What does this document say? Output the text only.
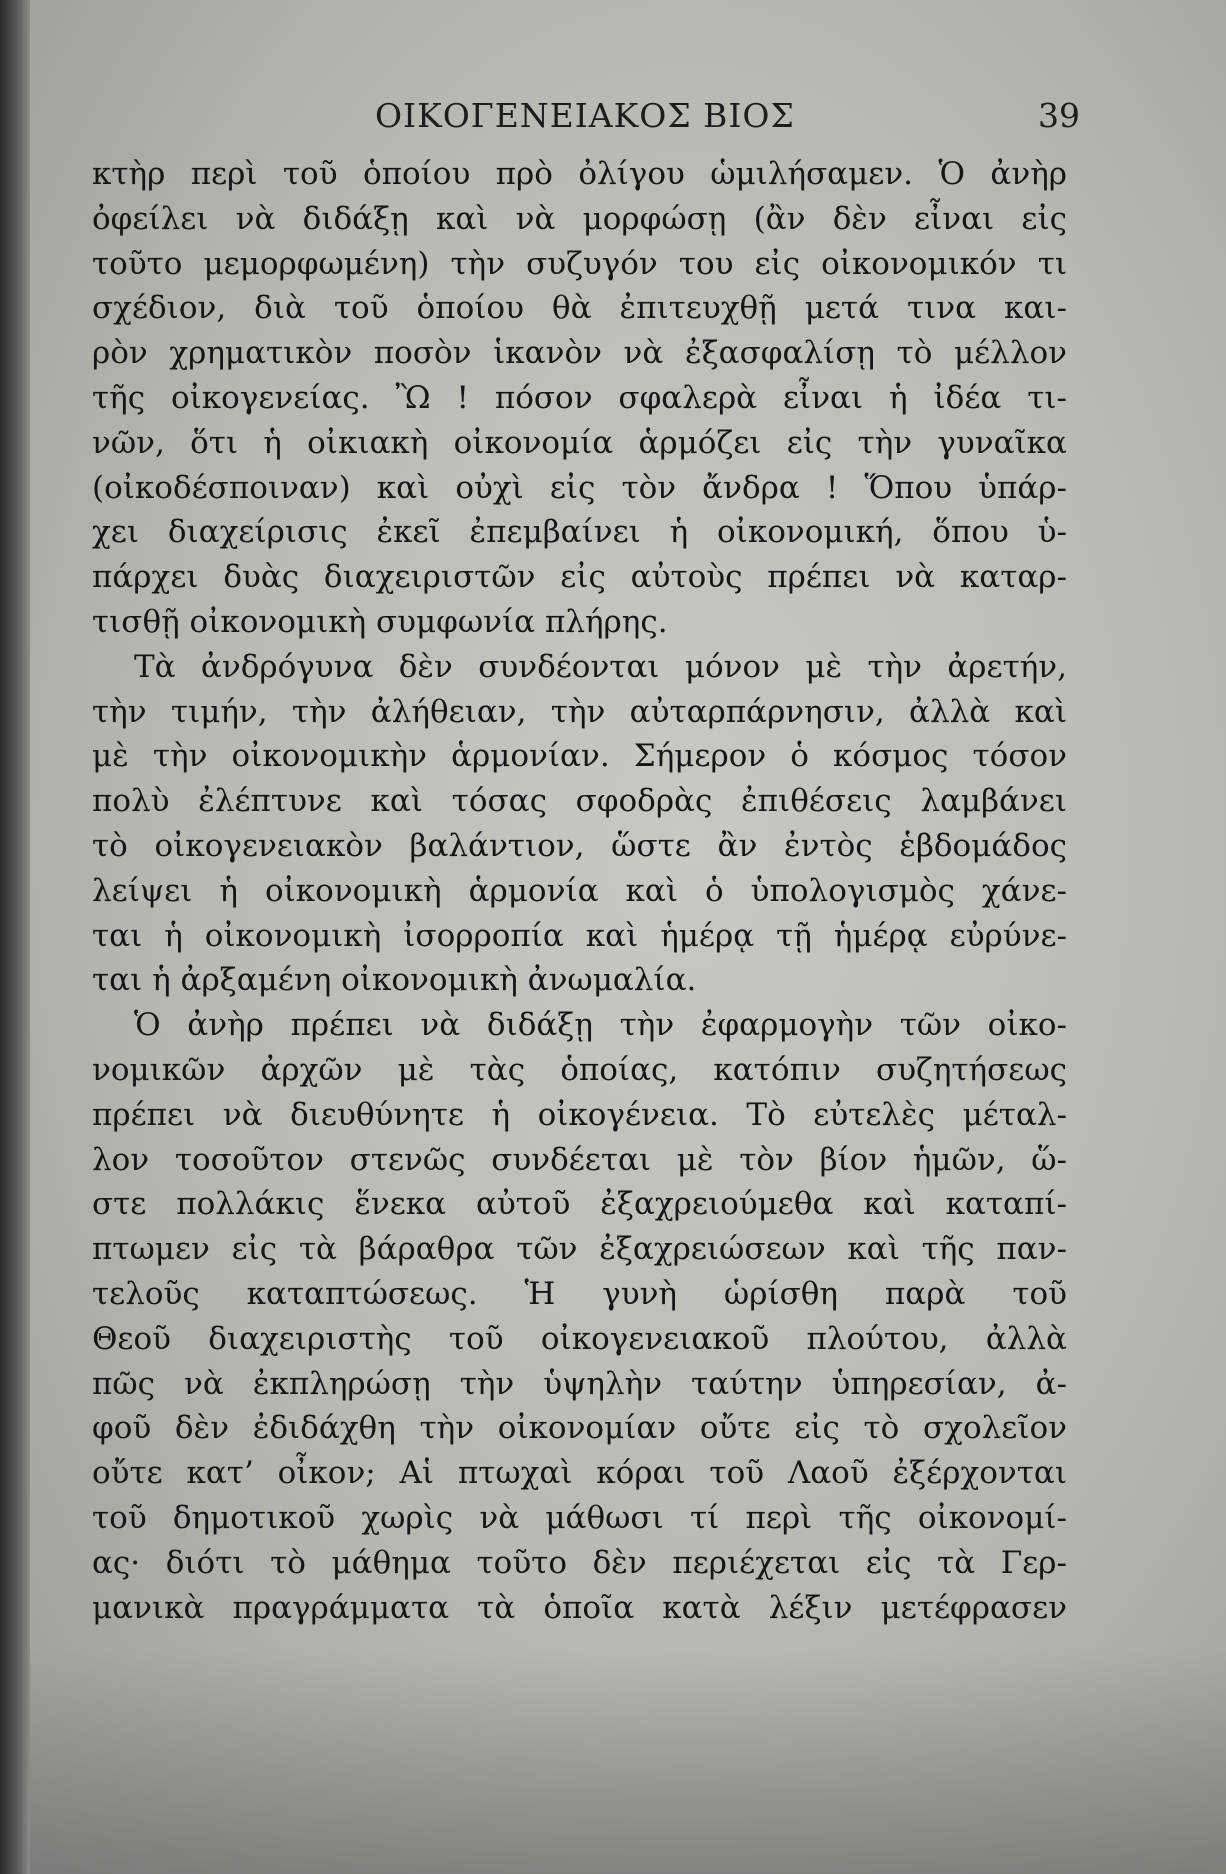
ΟΙΚΟΓΕΝΕΙΑΚΟΣ ΒΙΟΣ	39
κτὴρ περὶ τοῦ ὁποίου πρὸ ὀλίγου ὡμιλήσαμεν. Ὁ ἀνὴρ
ὀφείλει νὰ διδάξῃ καὶ νὰ μορφώσῃ (ἂν δὲν εἶναι εἰς
τοῦτο μεμορφωμένη) τὴν συζυγόν του εἰς οἰκονομικόν τι
σχέδιον, διὰ τοῦ ὁποίου θὰ ἐπιτευχθῇ μετά τινα και-
ρὸν χρηματικὸν ποσὸν ἱκανὸν νὰ ἐξασφαλίσῃ τὸ μέλλον
τῆς οἰκογενείας. Ὢ ! πόσον σφαλερὰ εἶναι ἡ ἰδέα τι-
νῶν, ὅτι ἡ οἰκιακὴ οἰκονομία ἁρμόζει εἰς τὴν γυναῖκα
(οἰκοδέσποιναν) καὶ οὐχὶ εἰς τὸν ἄνδρα ! Ὅπου ὑπάρ-
χει διαχείρισις ἐκεῖ ἐπεμβαίνει ἡ οἰκονομική, ὅπου ὑ-
πάρχει δυὰς διαχειριστῶν εἰς αὐτοὺς πρέπει νὰ καταρ-
τισθῇ οἰκονομικὴ συμφωνία πλήρης.
Τὰ ἀνδρόγυνα δὲν συνδέονται μόνον μὲ τὴν ἀρετήν,
τὴν τιμήν, τὴν ἀλήθειαν, τὴν αὐταρπάρνησιν, ἀλλὰ καὶ
μὲ τὴν οἰκονομικὴν ἁρμονίαν. Σήμερον ὁ κόσμος τόσον
πολὺ ἐλέπτυνε καὶ τόσας σφοδρὰς ἐπιθέσεις λαμβάνει
τὸ οἰκογενειακὸν βαλάντιον, ὥστε ἂν ἐντὸς ἑβδομάδος
λείψει ἡ οἰκονομικὴ ἁρμονία καὶ ὁ ὑπολογισμὸς χάνε-
ται ἡ οἰκονομικὴ ἰσορροπία καὶ ἡμέρᾳ τῇ ἡμέρᾳ εὐρύνε-
ται ἡ ἀρξαμένη οἰκονομικὴ ἀνωμαλία.
Ὁ ἀνὴρ πρέπει νὰ διδάξῃ τὴν ἐφαρμογὴν τῶν οἰκο-
νομικῶν ἀρχῶν μὲ τὰς ὁποίας, κατόπιν συζητήσεως
πρέπει νὰ διευθύνητε ἡ οἰκογένεια. Τὸ εὐτελὲς μέταλ-
λον τοσοῦτον στενῶς συνδέεται μὲ τὸν βίον ἡμῶν, ὥ-
στε πολλάκις ἕνεκα αὐτοῦ ἐξαχρειούμεθα καὶ καταπί-
πτωμεν εἰς τὰ βάραθρα τῶν ἐξαχρειώσεων καὶ τῆς παν-
τελοῦς καταπτώσεως. Ἡ γυνὴ ὡρίσθη παρὰ τοῦ
Θεοῦ διαχειριστὴς τοῦ οἰκογενειακοῦ πλούτου, ἀλλὰ
πῶς νὰ ἐκπληρώσῃ τὴν ὑψηλὴν ταύτην ὑπηρεσίαν, ἀ-
φοῦ δὲν ἐδιδάχθη τὴν οἰκονομίαν οὔτε εἰς τὸ σχολεῖον
οὔτε κατ’ οἶκον; Αἱ πτωχαὶ κόραι τοῦ Λαοῦ ἐξέρχονται
τοῦ δημοτικοῦ χωρὶς νὰ μάθωσι τί περὶ τῆς οἰκονομί-
ας· διότι τὸ μάθημα τοῦτο δὲν περιέχεται εἰς τὰ Γερ-
μανικὰ πραγράμματα τὰ ὁποῖα κατὰ λέξιν μετέφρασεν
